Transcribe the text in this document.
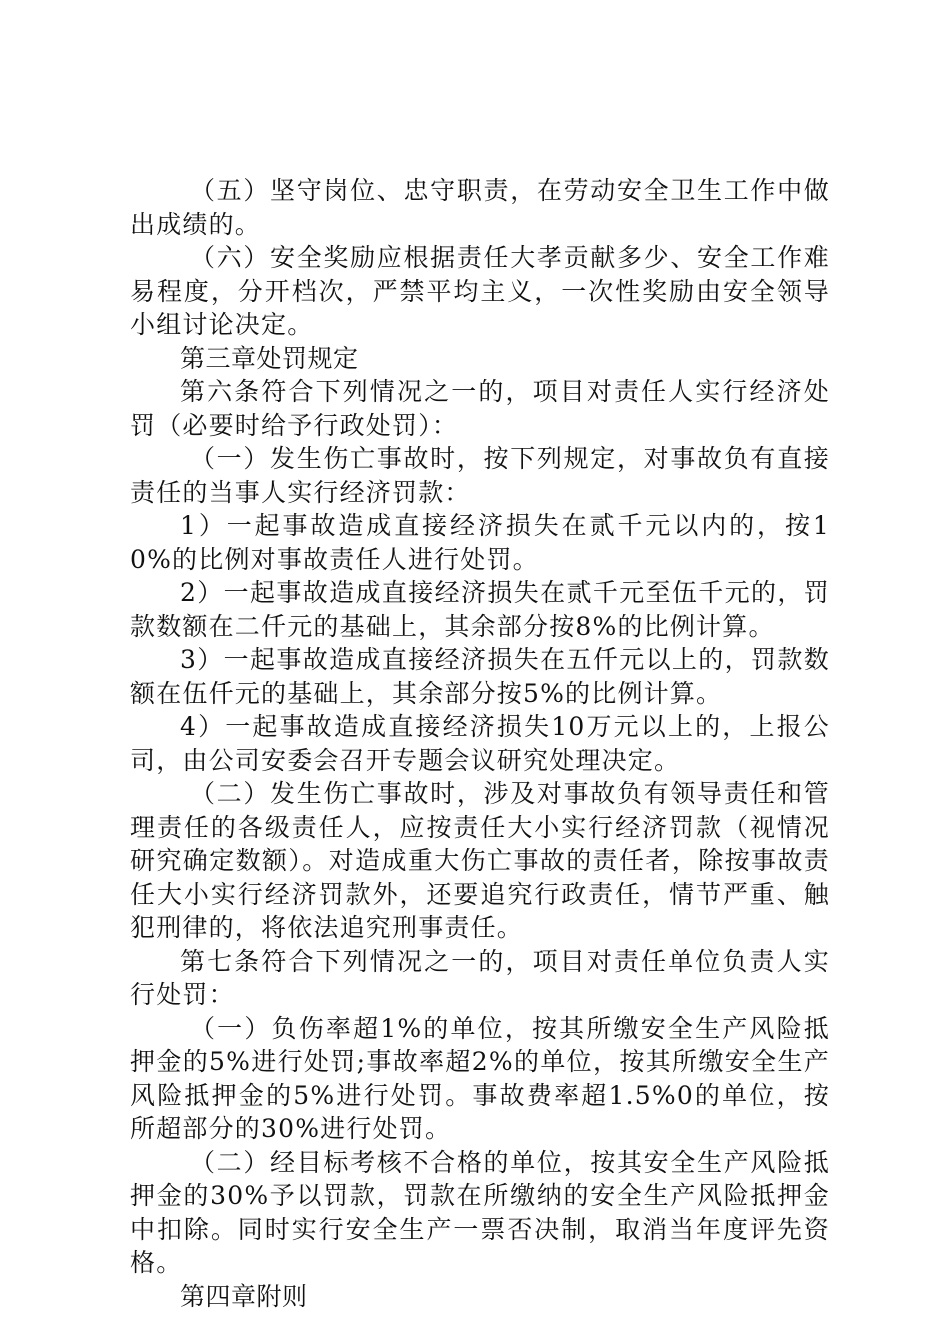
（五）坚守岗位、忠守职责，在劳动安全卫生工作中做出成绩的。

（六）安全奖励应根据责任大孝贡献多少、安全工作难易程度，分开档次，严禁平均主义，一次性奖励由安全领导小组讨论决定。

第三章处罚规定

第六条符合下列情况之一的，项目对责任人实行经济处罚（必要时给予行政处罚）：

（一）发生伤亡事故时，按下列规定，对事故负有直接责任的当事人实行经济罚款：

1）一起事故造成直接经济损失在贰千元以内的，按10%的比例对事故责任人进行处罚。

2）一起事故造成直接经济损失在贰千元至伍千元的，罚款数额在二仟元的基础上，其余部分按8%的比例计算。

3）一起事故造成直接经济损失在五仟元以上的，罚款数额在伍仟元的基础上，其余部分按5%的比例计算。

4）一起事故造成直接经济损失10万元以上的，上报公司，由公司安委会召开专题会议研究处理决定。

（二）发生伤亡事故时，涉及对事故负有领导责任和管理责任的各级责任人，应按责任大小实行经济罚款（视情况研究确定数额）。对造成重大伤亡事故的责任者，除按事故责任大小实行经济罚款外，还要追究行政责任，情节严重、触犯刑律的，将依法追究刑事责任。

第七条符合下列情况之一的，项目对责任单位负责人实行处罚：

（一）负伤率超1%的单位，按其所缴安全生产风险抵押金的5%进行处罚;事故率超2%的单位，按其所缴安全生产风险抵押金的5%进行处罚。事故费率超1.5%0的单位，按所超部分的30%进行处罚。

（二）经目标考核不合格的单位，按其安全生产风险抵押金的30%予以罚款，罚款在所缴纳的安全生产风险抵押金中扣除。同时实行安全生产一票否决制，取消当年度评先资格。

第四章附则
